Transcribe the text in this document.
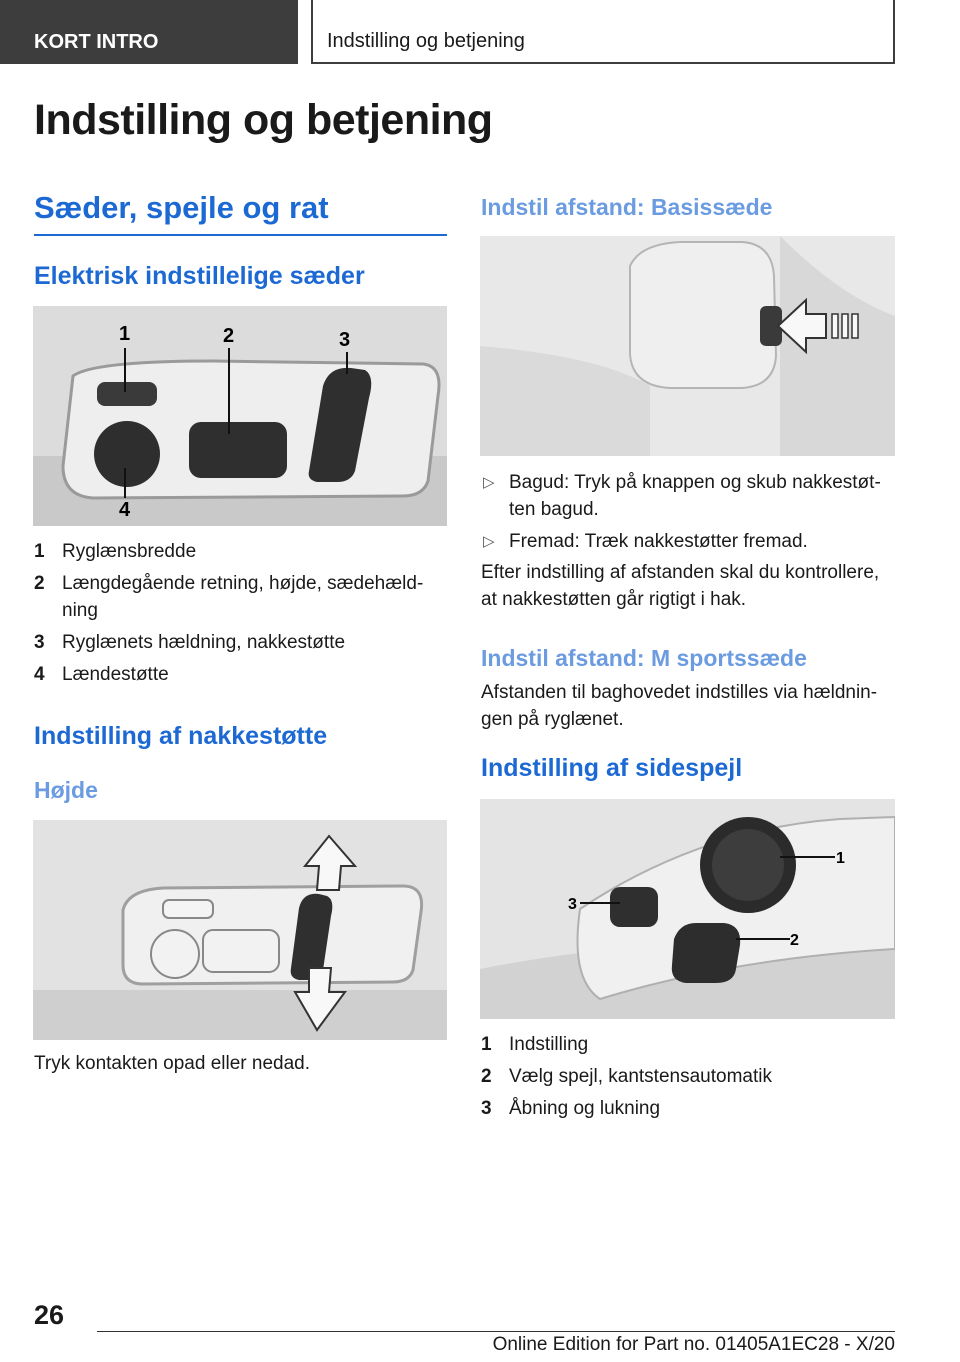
KORT INTRO	Indstilling og betjening
Indstilling og betjening
Sæder, spejle og rat
Elektrisk indstillelige sæder
1	2	3
4
1 Ryglænsbredde
2 Længdegående retning, højde, sædehældning
3 Ryglænets hældning, nakkestøtte
4 Lændestøtte
Indstilling af nakkestøtte
Højde

Tryk kontakten opad eller nedad.

Indstil afstand: Basissæde
▷ Bagud: Tryk på knappen og skub nakkestøtten bagud.
▷ Fremad: Træk nakkestøtter fremad.

Efter indstilling af afstanden skal du kontrollere, at nakkestøtten går rigtigt i hak.

Indstil afstand: M sportssæde

Afstanden til baghovedet indstilles via hældningen på ryglænet.

Indstilling af sidespejl
1
2
3
1 Indstilling
2 Vælg spejl, kantstensautomatik
3 Åbning og lukning
26
Online Edition for Part no. 01405A1EC28 - X/20
